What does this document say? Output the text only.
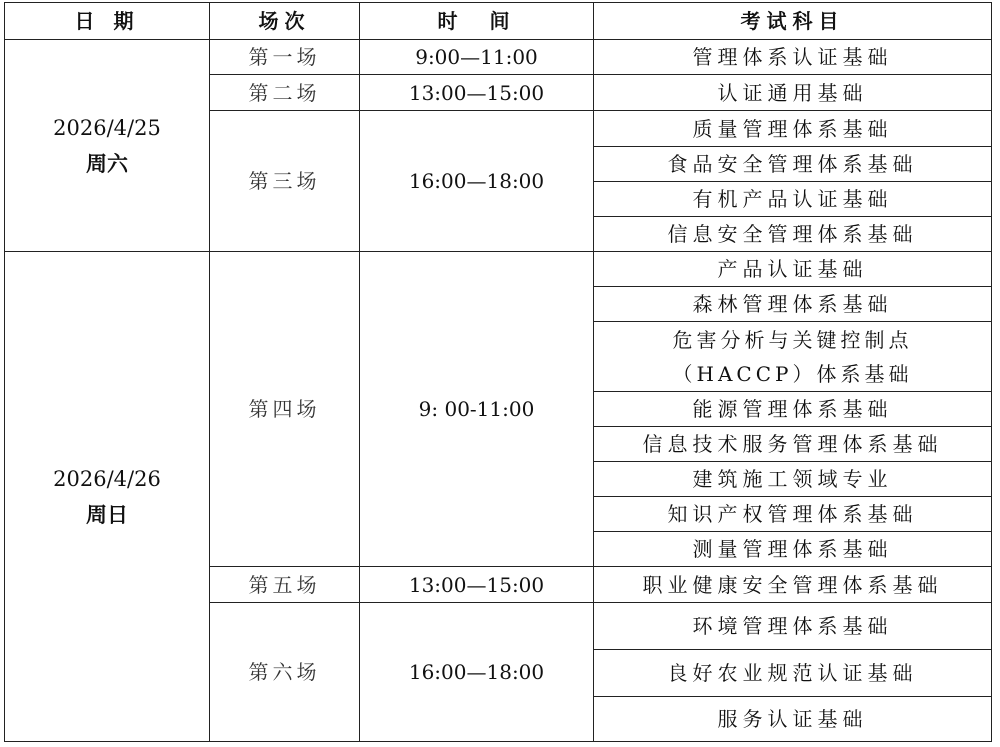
日 期	场次	时　间	考试科目

2026/4/25
周六	第一场	9:00—11:00	管理体系认证基础
	第二场	13:00—15:00	认证通用基础
	第三场	16:00—18:00	质量管理体系基础
			食品安全管理体系基础
			有机产品认证基础
			信息安全管理体系基础

2026/4/26
周日	第四场	9: 00-11:00	产品认证基础
			森林管理体系基础
			危害分析与关键控制点（HACCP）体系基础
			能源管理体系基础
			信息技术服务管理体系基础
			建筑施工领域专业
			知识产权管理体系基础
			测量管理体系基础
	第五场	13:00—15:00	职业健康安全管理体系基础
	第六场	16:00—18:00	环境管理体系基础
			良好农业规范认证基础
			服务认证基础
